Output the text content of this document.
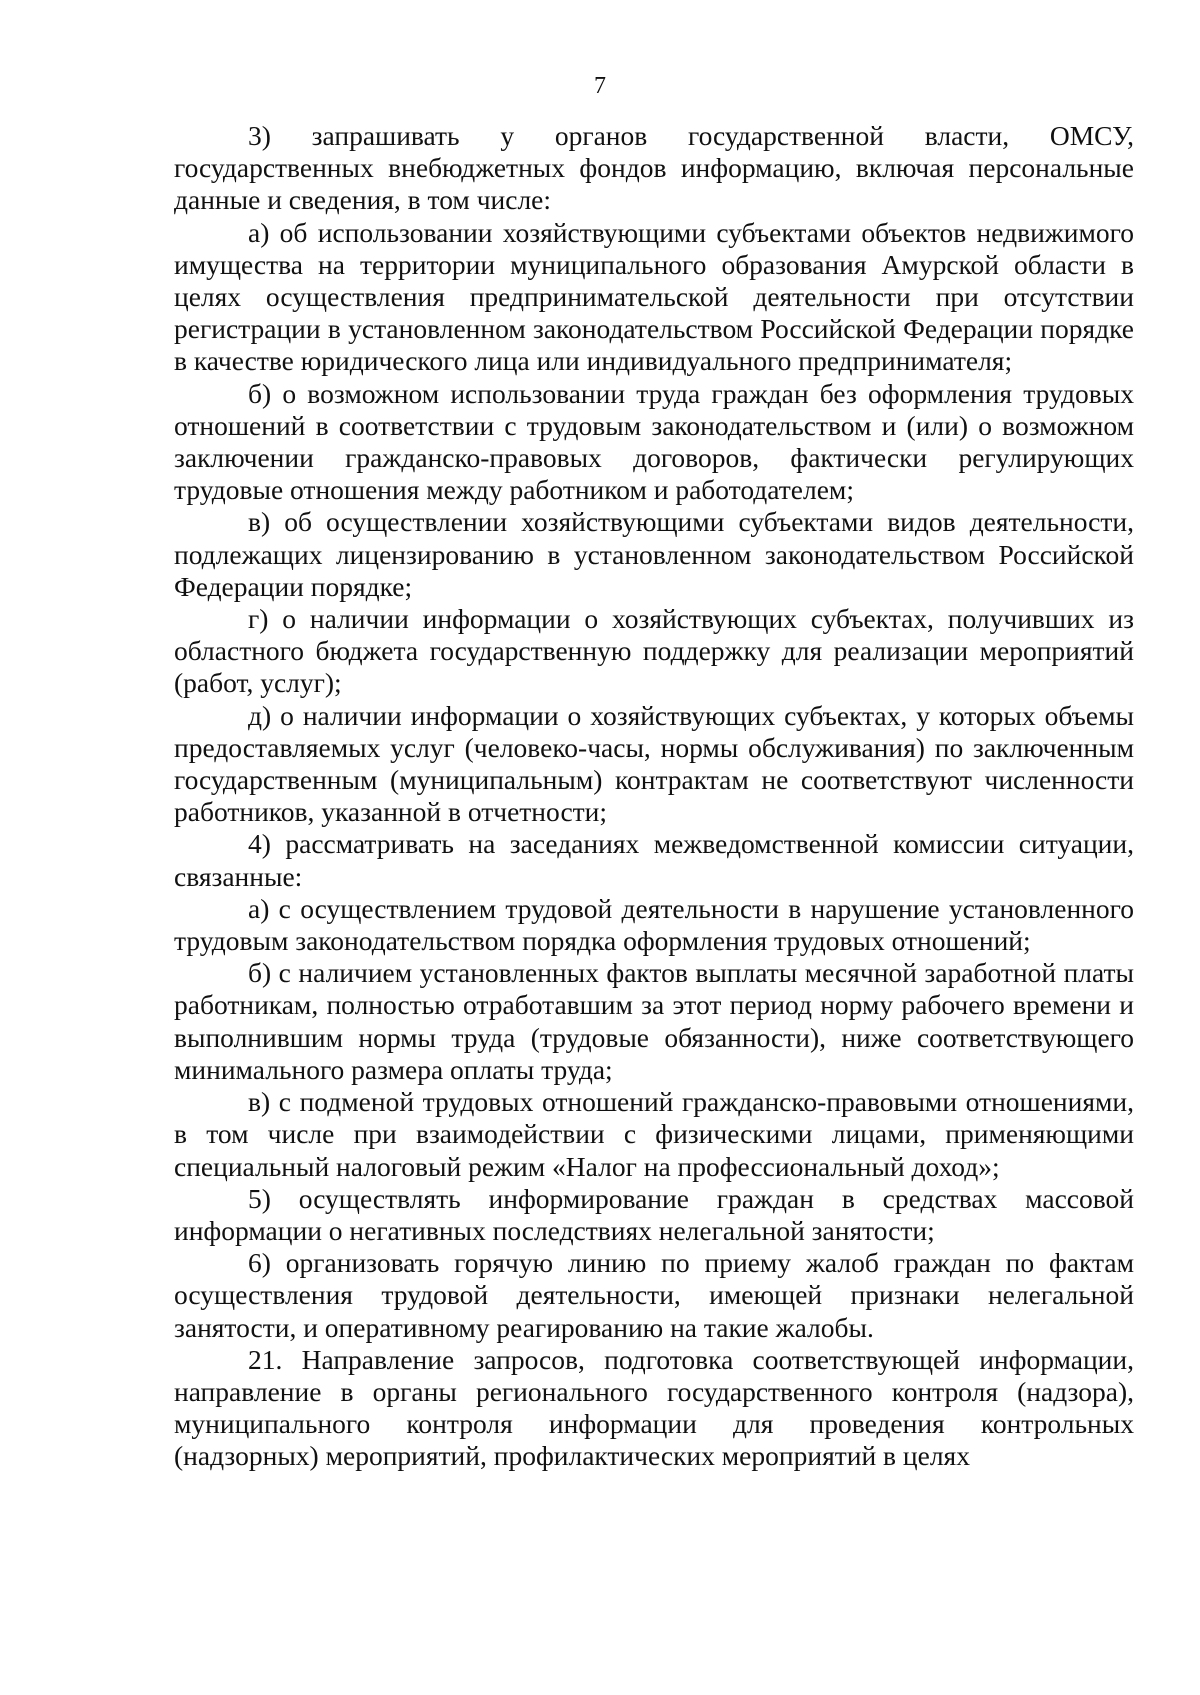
7

3) запрашивать у органов государственной власти, ОМСУ, государственных внебюджетных фондов информацию, включая персональные данные и сведения, в том числе:

а) об использовании хозяйствующими субъектами объектов недвижимого имущества на территории муниципального образования Амурской области в целях осуществления предпринимательской деятельности при отсутствии регистрации в установленном законодательством Российской Федерации порядке в качестве юридического лица или индивидуального предпринимателя;

б) о возможном использовании труда граждан без оформления трудовых отношений в соответствии с трудовым законодательством и (или) о возможном заключении гражданско-правовых договоров, фактически регулирующих трудовые отношения между работником и работодателем;

в) об осуществлении хозяйствующими субъектами видов деятельности, подлежащих лицензированию в установленном законодательством Российской Федерации порядке;

г) о наличии информации о хозяйствующих субъектах, получивших из областного бюджета государственную поддержку для реализации мероприятий (работ, услуг);

д) о наличии информации о хозяйствующих субъектах, у которых объемы предоставляемых услуг (человеко-часы, нормы обслуживания) по заключенным государственным (муниципальным) контрактам не соответствуют численности работников, указанной в отчетности;

4) рассматривать на заседаниях межведомственной комиссии ситуации, связанные:

а) с осуществлением трудовой деятельности в нарушение установленного трудовым законодательством порядка оформления трудовых отношений;

б) с наличием установленных фактов выплаты месячной заработной платы работникам, полностью отработавшим за этот период норму рабочего времени и выполнившим нормы труда (трудовые обязанности), ниже соответствующего минимального размера оплаты труда;

в) с подменой трудовых отношений гражданско-правовыми отношениями, в том числе при взаимодействии с физическими лицами, применяющими специальный налоговый режим «Налог на профессиональный доход»;

5) осуществлять информирование граждан в средствах массовой информации о негативных последствиях нелегальной занятости;

6) организовать горячую линию по приему жалоб граждан по фактам осуществления трудовой деятельности, имеющей признаки нелегальной занятости, и оперативному реагированию на такие жалобы.

21. Направление запросов, подготовка соответствующей информации, направление в органы регионального государственного контроля (надзора), муниципального контроля информации для проведения контрольных (надзорных) мероприятий, профилактических мероприятий в целях
